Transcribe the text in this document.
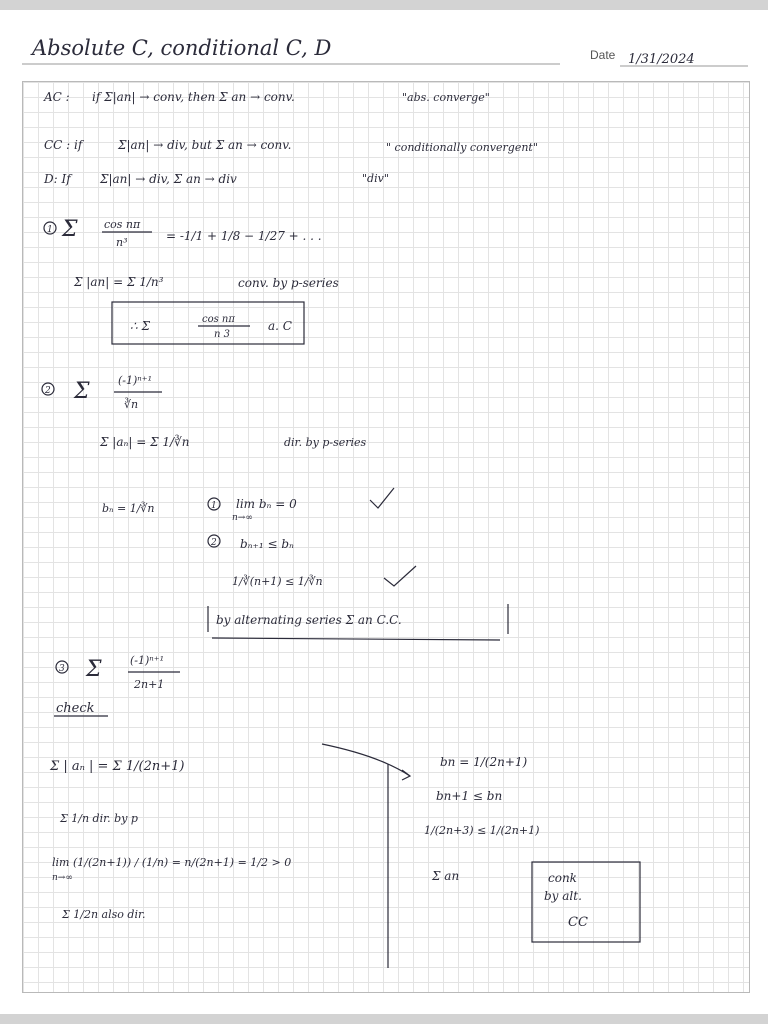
Absolute C, conditional C, D	Date 1/31/2024
AC : if Σ|an| → conv, then Σ an → conv.	"abs. converge"
CC : if	Σ|an| → div, but Σ an → conv.	" conditionally convergent"
D: If Σ|an| → div, Σ an → div	"div"
1 Σ cos nπ
n³	= -1/1 + 1/8 − 1/27 + . . .
Σ |an| = Σ 1/n³	conv. by p-series
∴ Σ	cos nπ
n 3
a. C
2 Σ	(-1)ⁿ⁺¹
∛n
Σ |aₙ| = Σ 1/∛n	dir. by p-series
bₙ = 1/∛n	1 lim bₙ = 0
n→∞
2 bₙ₊₁ ≤ bₙ
1/∛(n+1) ≤ 1/∛n
by alternating series Σ an C.C.
3 Σ	(-1)ⁿ⁺¹
2n+1
check
Σ | aₙ | = Σ 1/(2n+1)
Σ 1/n dir. by p
lim (1/(2n+1)) / (1/n) = n/(2n+1) = 1/2 > 0
n→∞
Σ 1/2n also dir.
bn = 1/(2n+1)
bn+1 ≤ bn
1/(2n+3) ≤ 1/(2n+1)
Σ an	conk
by alt.
CC
